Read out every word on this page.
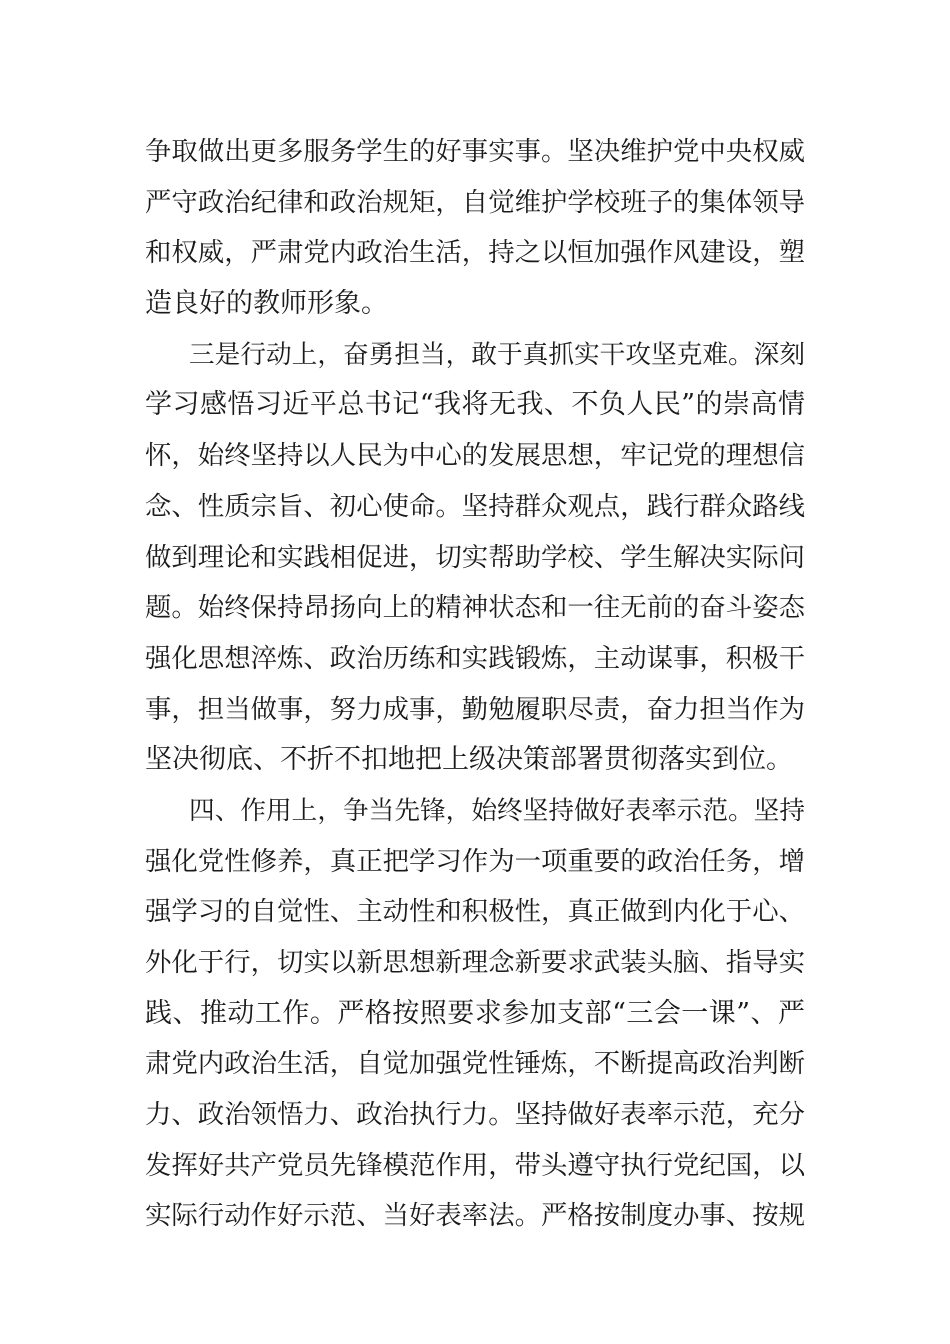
争取做出更多服务学生的好事实事。坚决维护党中央权威
严守政治纪律和政治规矩，自觉维护学校班子的集体领导
和权威，严肃党内政治生活，持之以恒加强作风建设，塑
造良好的教师形象。
三是行动上，奋勇担当，敢于真抓实干攻坚克难。深刻
学习感悟习近平总书记“我将无我、不负人民”的崇高情
怀，始终坚持以人民为中心的发展思想，牢记党的理想信
念、性质宗旨、初心使命。坚持群众观点，践行群众路线
做到理论和实践相促进，切实帮助学校、学生解决实际问
题。始终保持昂扬向上的精神状态和一往无前的奋斗姿态
强化思想淬炼、政治历练和实践锻炼，主动谋事，积极干
事，担当做事，努力成事，勤勉履职尽责，奋力担当作为
坚决彻底、不折不扣地把上级决策部署贯彻落实到位。
四、作用上，争当先锋，始终坚持做好表率示范。坚持
强化党性修养，真正把学习作为一项重要的政治任务，增
强学习的自觉性、主动性和积极性，真正做到内化于心、
外化于行，切实以新思想新理念新要求武装头脑、指导实
践、推动工作。严格按照要求参加支部“三会一课”、严
肃党内政治生活，自觉加强党性锤炼，不断提高政治判断
力、政治领悟力、政治执行力。坚持做好表率示范，充分
发挥好共产党员先锋模范作用，带头遵守执行党纪国，以
实际行动作好示范、当好表率法。严格按制度办事、按规
